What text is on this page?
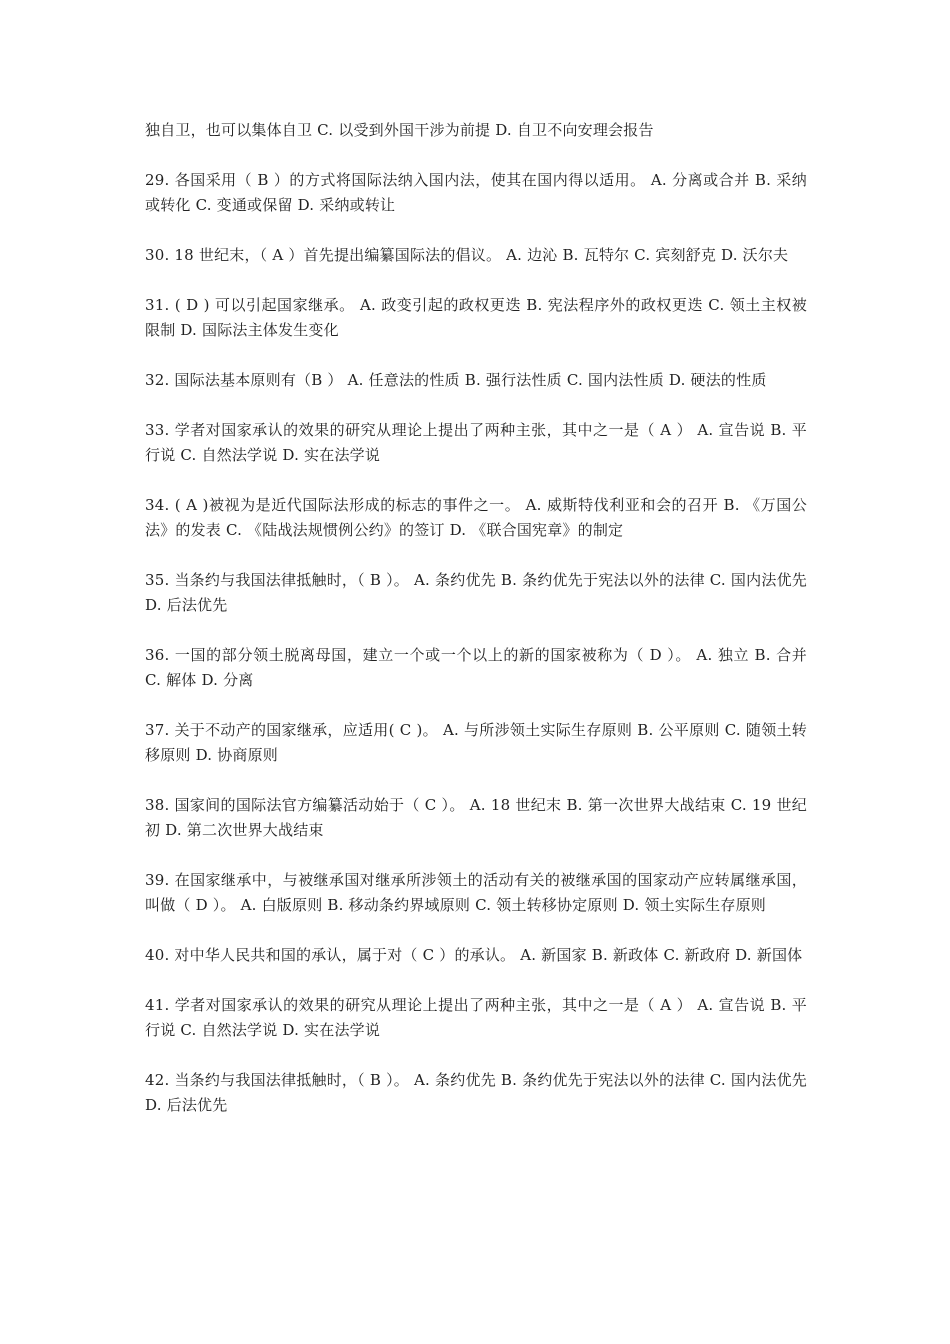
独自卫，也可以集体自卫 C. 以受到外国干涉为前提 D. 自卫不向安理会报告

29. 各国采用（ B ）的方式将国际法纳入国内法，使其在国内得以适用。 A. 分离或合并 B. 采纳或转化 C. 变通或保留 D. 采纳或转让

30. 18 世纪末，（ A ）首先提出编纂国际法的倡议。 A. 边沁 B. 瓦特尔 C. 宾刻舒克 D. 沃尔夫

31. ( D ) 可以引起国家继承。 A. 政变引起的政权更迭 B. 宪法程序外的政权更迭 C. 领土主权被限制 D. 国际法主体发生变化

32. 国际法基本原则有（B ） A. 任意法的性质 B. 强行法性质 C. 国内法性质 D. 硬法的性质

33. 学者对国家承认的效果的研究从理论上提出了两种主张，其中之一是（ A ） A. 宣告说 B. 平行说 C. 自然法学说 D. 实在法学说

34. ( A )被视为是近代国际法形成的标志的事件之一。 A. 威斯特伐利亚和会的召开 B. 《万国公法》的发表 C. 《陆战法规惯例公约》的签订 D. 《联合国宪章》的制定

35. 当条约与我国法律抵触时，（ B ）。 A. 条约优先 B. 条约优先于宪法以外的法律 C. 国内法优先 D. 后法优先

36. 一国的部分领土脱离母国，建立一个或一个以上的新的国家被称为（ D ）。 A. 独立 B. 合并 C. 解体 D. 分离

37. 关于不动产的国家继承，应适用( C )。 A. 与所涉领土实际生存原则 B. 公平原则 C. 随领土转移原则 D. 协商原则

38. 国家间的国际法官方编纂活动始于（ C ）。 A. 18 世纪末 B. 第一次世界大战结束 C. 19 世纪初 D. 第二次世界大战结束

39. 在国家继承中，与被继承国对继承所涉领土的活动有关的被继承国的国家动产应转属继承国，叫做（ D ）。 A. 白版原则 B. 移动条约界域原则 C. 领土转移协定原则 D. 领土实际生存原则

40. 对中华人民共和国的承认，属于对（ C ）的承认。 A. 新国家 B. 新政体 C. 新政府 D. 新国体

41. 学者对国家承认的效果的研究从理论上提出了两种主张，其中之一是（ A ） A. 宣告说 B. 平行说 C. 自然法学说 D. 实在法学说

42. 当条约与我国法律抵触时，（ B ）。 A. 条约优先 B. 条约优先于宪法以外的法律 C. 国内法优先 D. 后法优先
